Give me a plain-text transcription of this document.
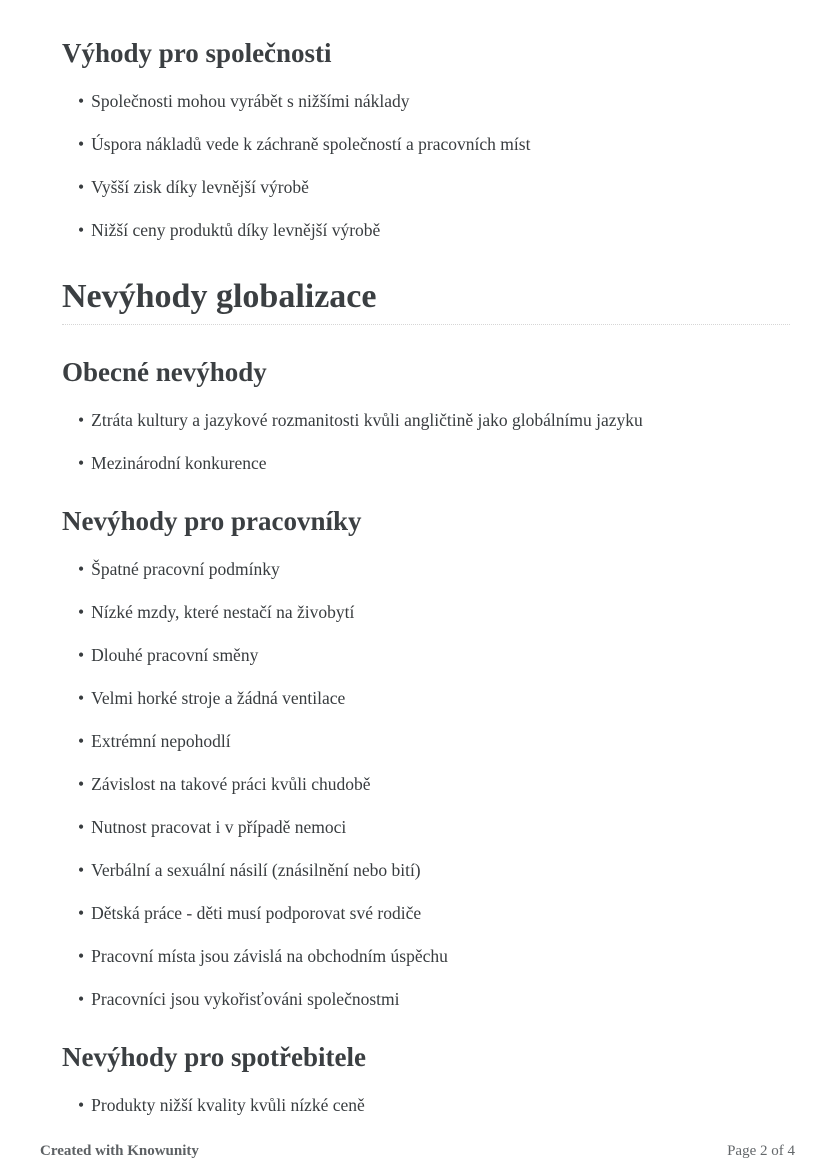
Výhody pro společnosti
• Společnosti mohou vyrábět s nižšími náklady
• Úspora nákladů vede k záchraně společností a pracovních míst
• Vyšší zisk díky levnější výrobě
• Nižší ceny produktů díky levnější výrobě
Nevýhody globalizace
Obecné nevýhody
• Ztráta kultury a jazykové rozmanitosti kvůli angličtině jako globálnímu jazyku
• Mezinárodní konkurence
Nevýhody pro pracovníky
• Špatné pracovní podmínky
• Nízké mzdy, které nestačí na živobytí
• Dlouhé pracovní směny
• Velmi horké stroje a žádná ventilace
• Extrémní nepohodlí
• Závislost na takové práci kvůli chudobě
• Nutnost pracovat i v případě nemoci
• Verbální a sexuální násilí (znásilnění nebo bití)
• Dětská práce - děti musí podporovat své rodiče
• Pracovní místa jsou závislá na obchodním úspěchu
• Pracovníci jsou vykořisťováni společnostmi
Nevýhody pro spotřebitele
• Produkty nižší kvality kvůli nízké ceně
Created with Knowunity	Page 2 of 4
